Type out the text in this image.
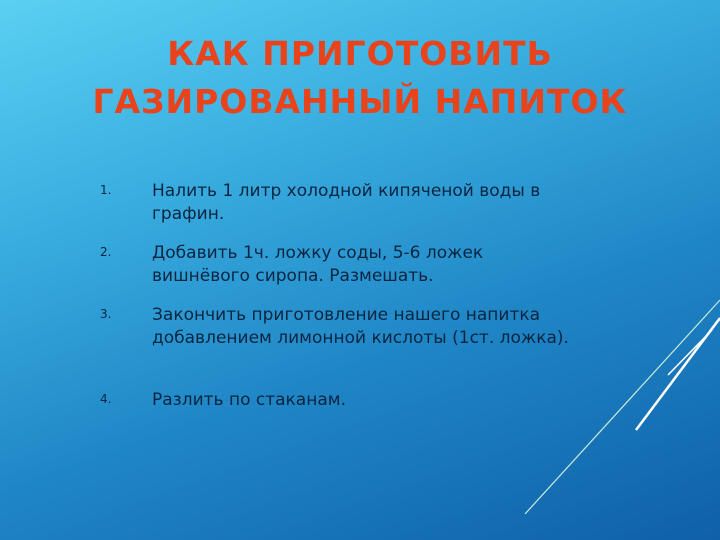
КАК ПРИГОТОВИТЬ
ГАЗИРОВАННЫЙ НАПИТОК
1.	Налить 1 литр холодной кипяченой воды в графин.
2.	Добавить 1ч. ложку соды, 5-6 ложек вишнёвого сиропа. Размешать.
3.	Закончить приготовление нашего напитка добавлением лимонной кислоты (1ст. ложка).
4.	Разлить по стаканам.
